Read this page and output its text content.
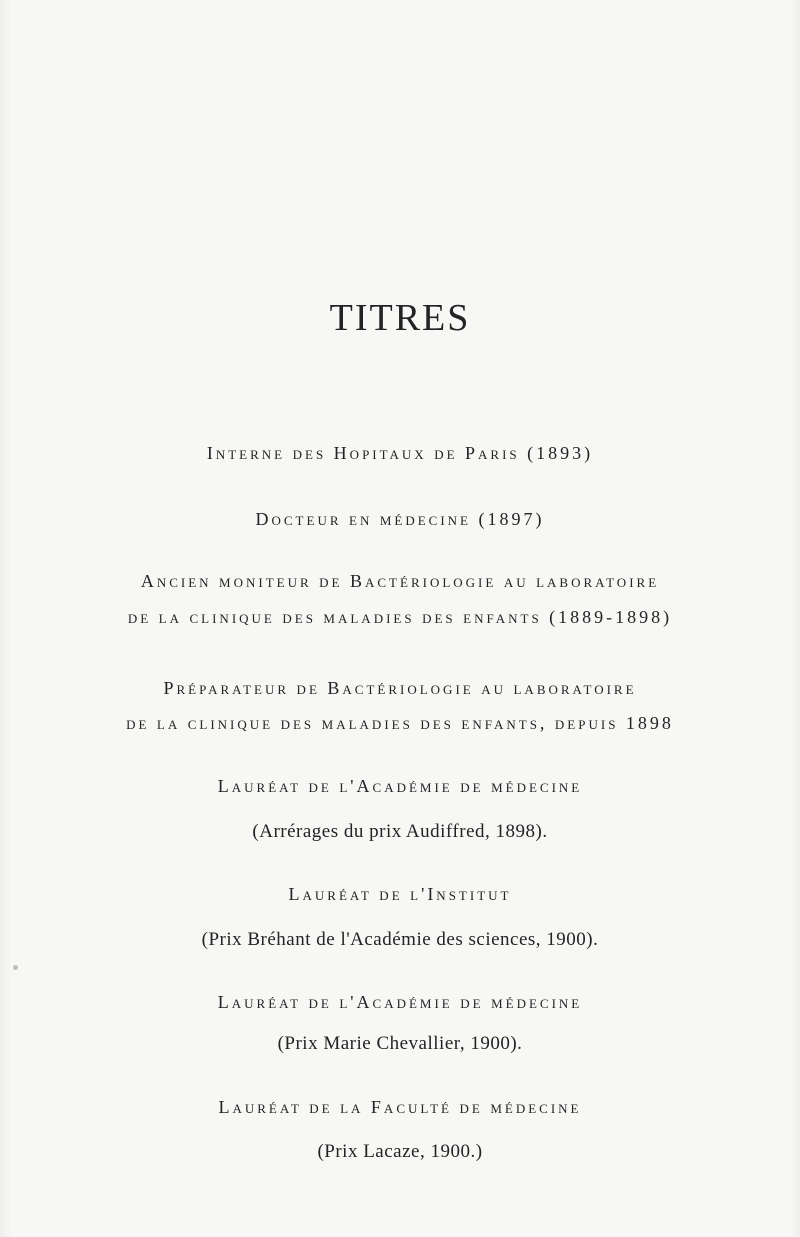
TITRES
Interne des Hopitaux de Paris (1893)
Docteur en médecine (1897)
Ancien moniteur de Bactériologie au laboratoire
de la clinique des maladies des enfants (1889-1898)
Préparateur de Bactériologie au laboratoire
de la clinique des maladies des enfants, depuis 1898
Lauréat de l'Académie de médecine
(Arrérages du prix Audiffred, 1898).
Lauréat de l'Institut
(Prix Bréhant de l'Académie des sciences, 1900).
Lauréat de l'Académie de médecine
(Prix Marie Chevallier, 1900).
Lauréat de la Faculté de médecine
(Prix Lacaze, 1900.)
